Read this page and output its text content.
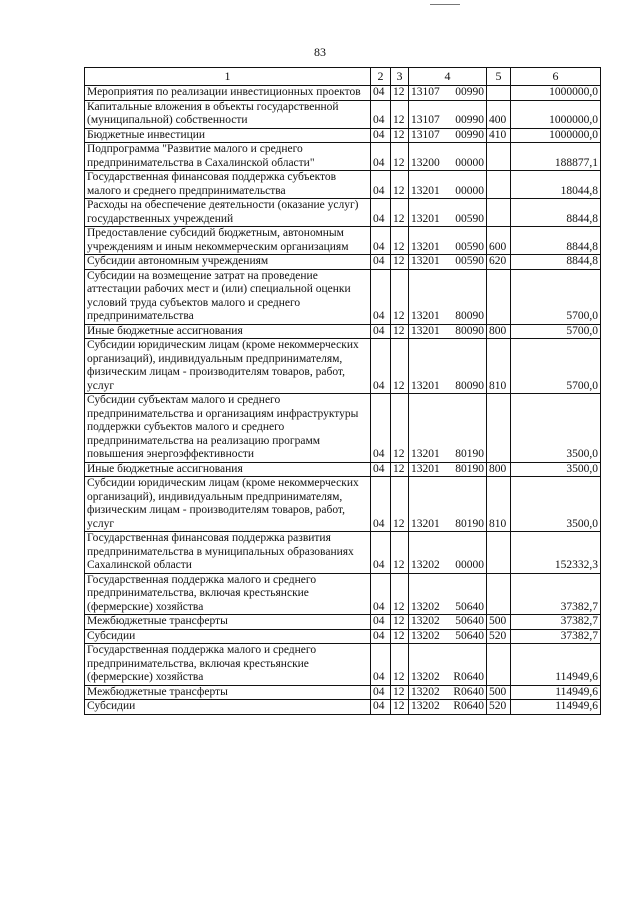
83
1	2	3	4	5	6
Мероприятия по реализации инвестиционных проектов	04	12	13107 00990		1000000,0
Капитальные вложения в объекты государственной (муниципальной) собственности	04	12	13107 00990	400	1000000,0
Бюджетные инвестиции	04	12	13107 00990	410	1000000,0
Подпрограмма "Развитие малого и среднего предпринимательства в Сахалинской области"	04	12	13200 00000		188877,1
Государственная финансовая поддержка субъектов малого и среднего предпринимательства	04	12	13201 00000		18044,8
Расходы на обеспечение деятельности (оказание услуг) государственных учреждений	04	12	13201 00590		8844,8
Предоставление субсидий бюджетным, автономным учреждениям и иным некоммерческим организациям	04	12	13201 00590	600	8844,8
Субсидии автономным учреждениям	04	12	13201 00590	620	8844,8
Субсидии на возмещение затрат на проведение аттестации рабочих мест и (или) специальной оценки условий труда субъектов малого и среднего предпринимательства	04	12	13201 80090		5700,0
Иные бюджетные ассигнования	04	12	13201 80090	800	5700,0
Субсидии юридическим лицам (кроме некоммерческих организаций), индивидуальным предпринимателям, физическим лицам - производителям товаров, работ, услуг	04	12	13201 80090	810	5700,0
Субсидии субъектам малого и среднего предпринимательства и организациям инфраструктуры поддержки субъектов малого и среднего предпринимательства на реализацию программ повышения энергоэффективности	04	12	13201 80190		3500,0
Иные бюджетные ассигнования	04	12	13201 80190	800	3500,0
Субсидии юридическим лицам (кроме некоммерческих организаций), индивидуальным предпринимателям, физическим лицам - производителям товаров, работ, услуг	04	12	13201 80190	810	3500,0
Государственная финансовая поддержка развития предпринимательства в муниципальных образованиях Сахалинской области	04	12	13202 00000		152332,3
Государственная поддержка малого и среднего предпринимательства, включая крестьянские (фермерские) хозяйства	04	12	13202 50640		37382,7
Межбюджетные трансферты	04	12	13202 50640	500	37382,7
Субсидии	04	12	13202 50640	520	37382,7
Государственная поддержка малого и среднего предпринимательства, включая крестьянские (фермерские) хозяйства	04	12	13202 R0640		114949,6
Межбюджетные трансферты	04	12	13202 R0640	500	114949,6
Субсидии	04	12	13202 R0640	520	114949,6
